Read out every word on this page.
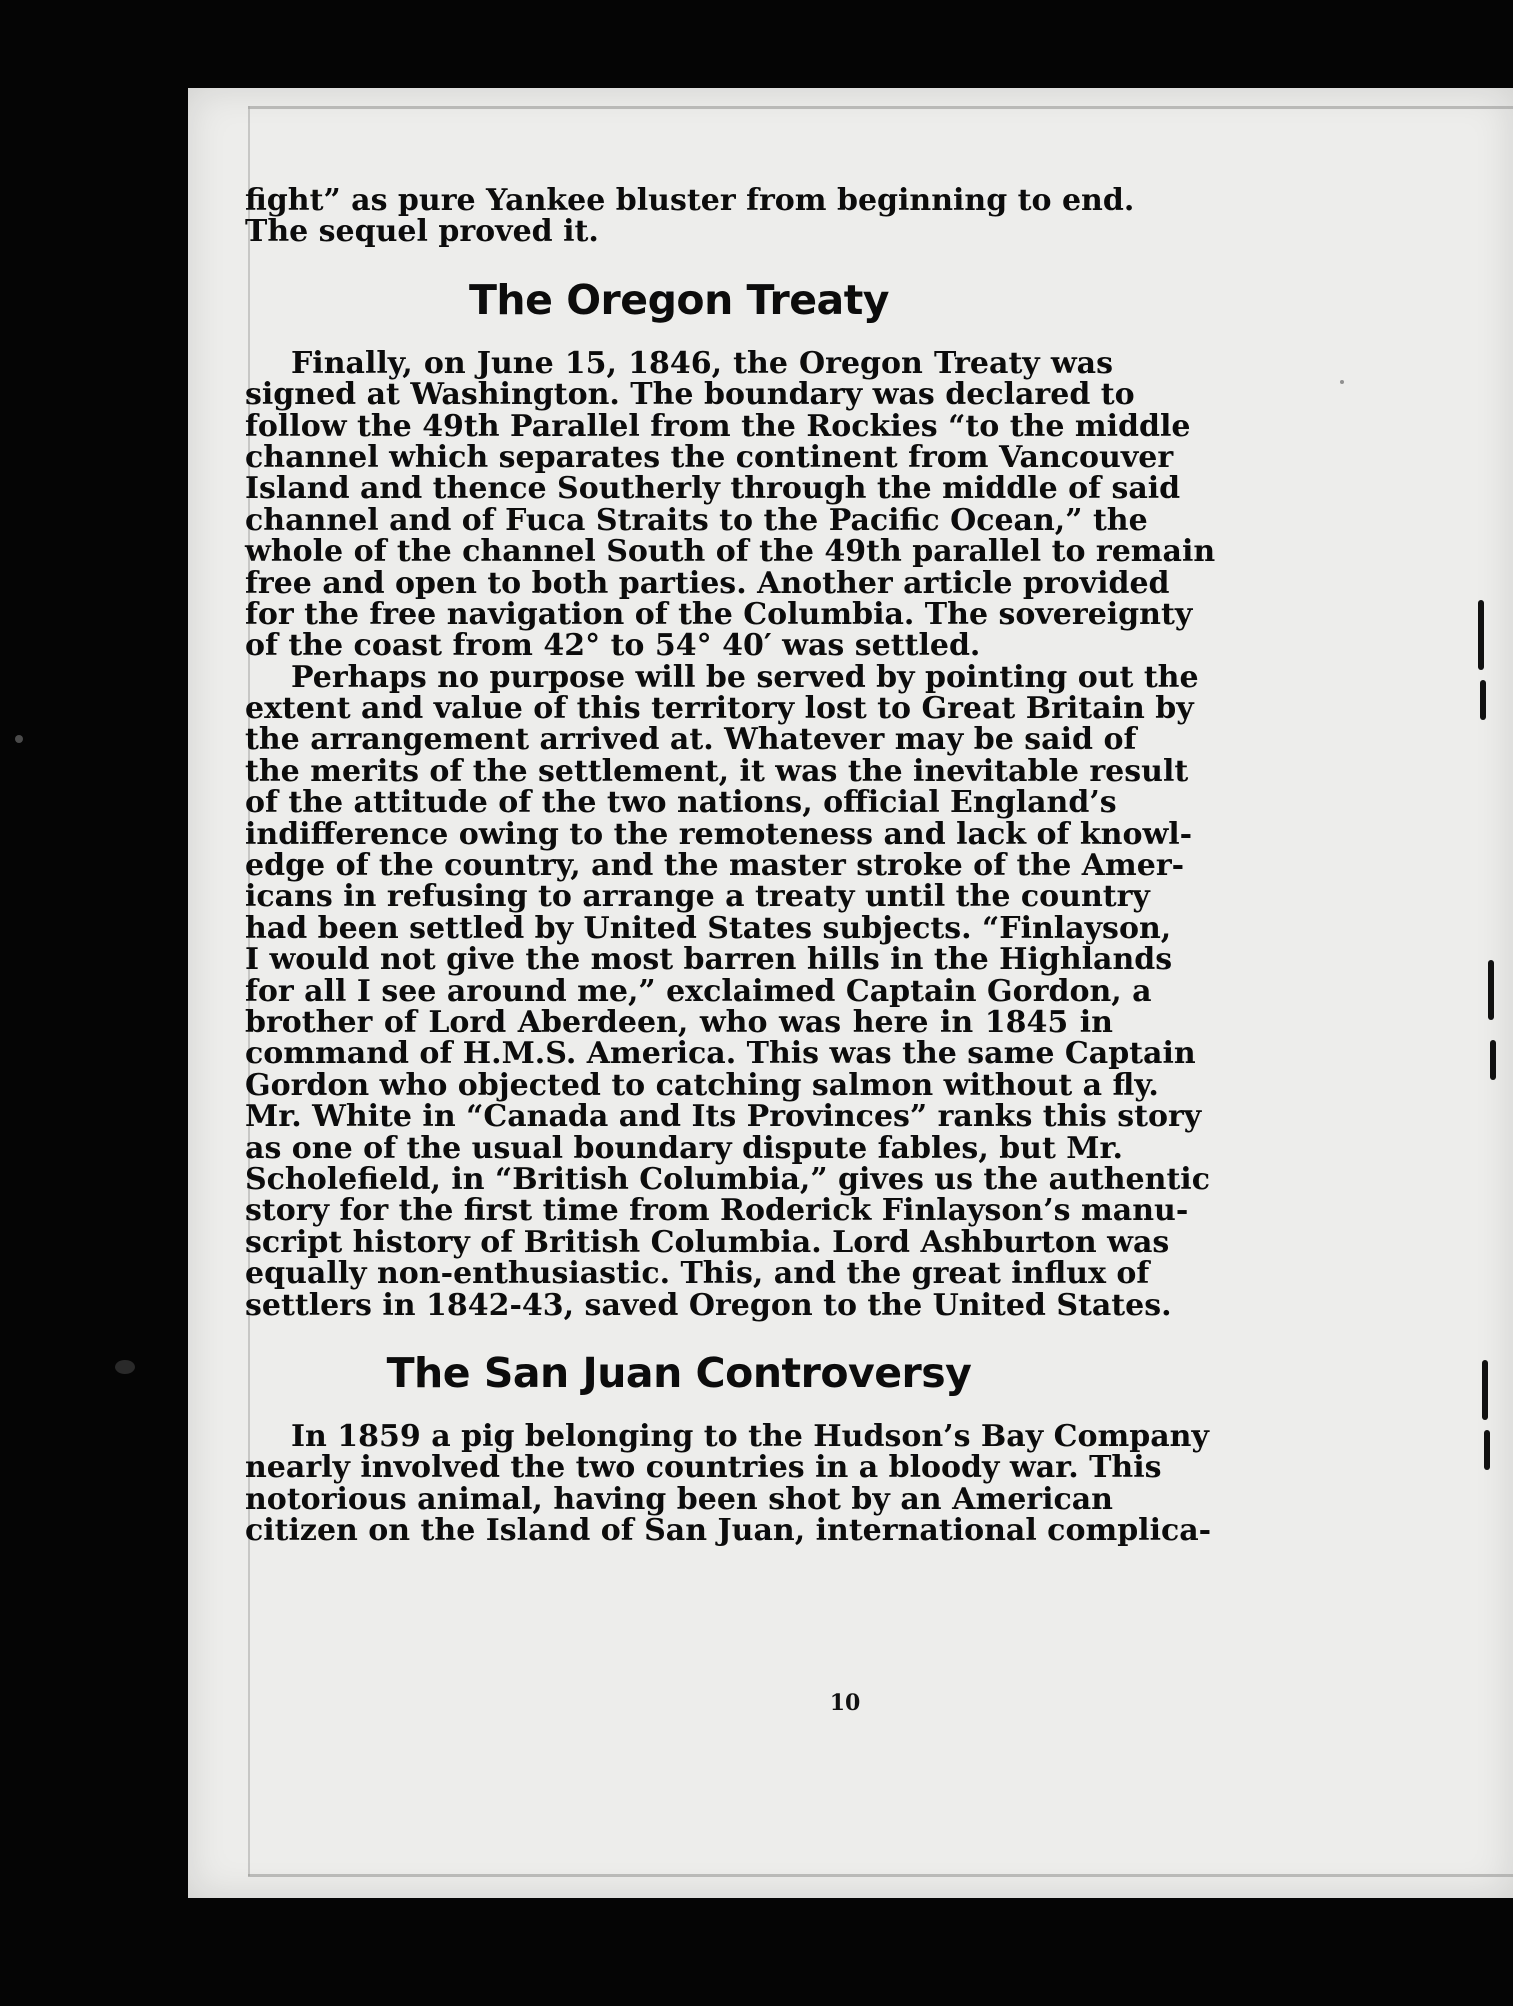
fight” as pure Yankee bluster from beginning to end.
The sequel proved it.
The Oregon Treaty
Finally, on June 15, 1846, the Oregon Treaty was
signed at Washington. The boundary was declared to
follow the 49th Parallel from the Rockies “to the middle
channel which separates the continent from Vancouver
Island and thence Southerly through the middle of said
channel and of Fuca Straits to the Pacific Ocean,” the
whole of the channel South of the 49th parallel to remain
free and open to both parties. Another article provided
for the free navigation of the Columbia. The sovereignty
of the coast from 42° to 54° 40′ was settled.
Perhaps no purpose will be served by pointing out the
extent and value of this territory lost to Great Britain by
the arrangement arrived at. Whatever may be said of
the merits of the settlement, it was the inevitable result
of the attitude of the two nations, official England’s
indifference owing to the remoteness and lack of knowl-
edge of the country, and the master stroke of the Amer-
icans in refusing to arrange a treaty until the country
had been settled by United States subjects. “Finlayson,
I would not give the most barren hills in the Highlands
for all I see around me,” exclaimed Captain Gordon, a
brother of Lord Aberdeen, who was here in 1845 in
command of H.M.S. America. This was the same Captain
Gordon who objected to catching salmon without a fly.
Mr. White in “Canada and Its Provinces” ranks this story
as one of the usual boundary dispute fables, but Mr.
Scholefield, in “British Columbia,” gives us the authentic
story for the first time from Roderick Finlayson’s manu-
script history of British Columbia. Lord Ashburton was
equally non-enthusiastic. This, and the great influx of
settlers in 1842-43, saved Oregon to the United States.
The San Juan Controversy
In 1859 a pig belonging to the Hudson’s Bay Company
nearly involved the two countries in a bloody war. This
notorious animal, having been shot by an American
citizen on the Island of San Juan, international complica-
10
